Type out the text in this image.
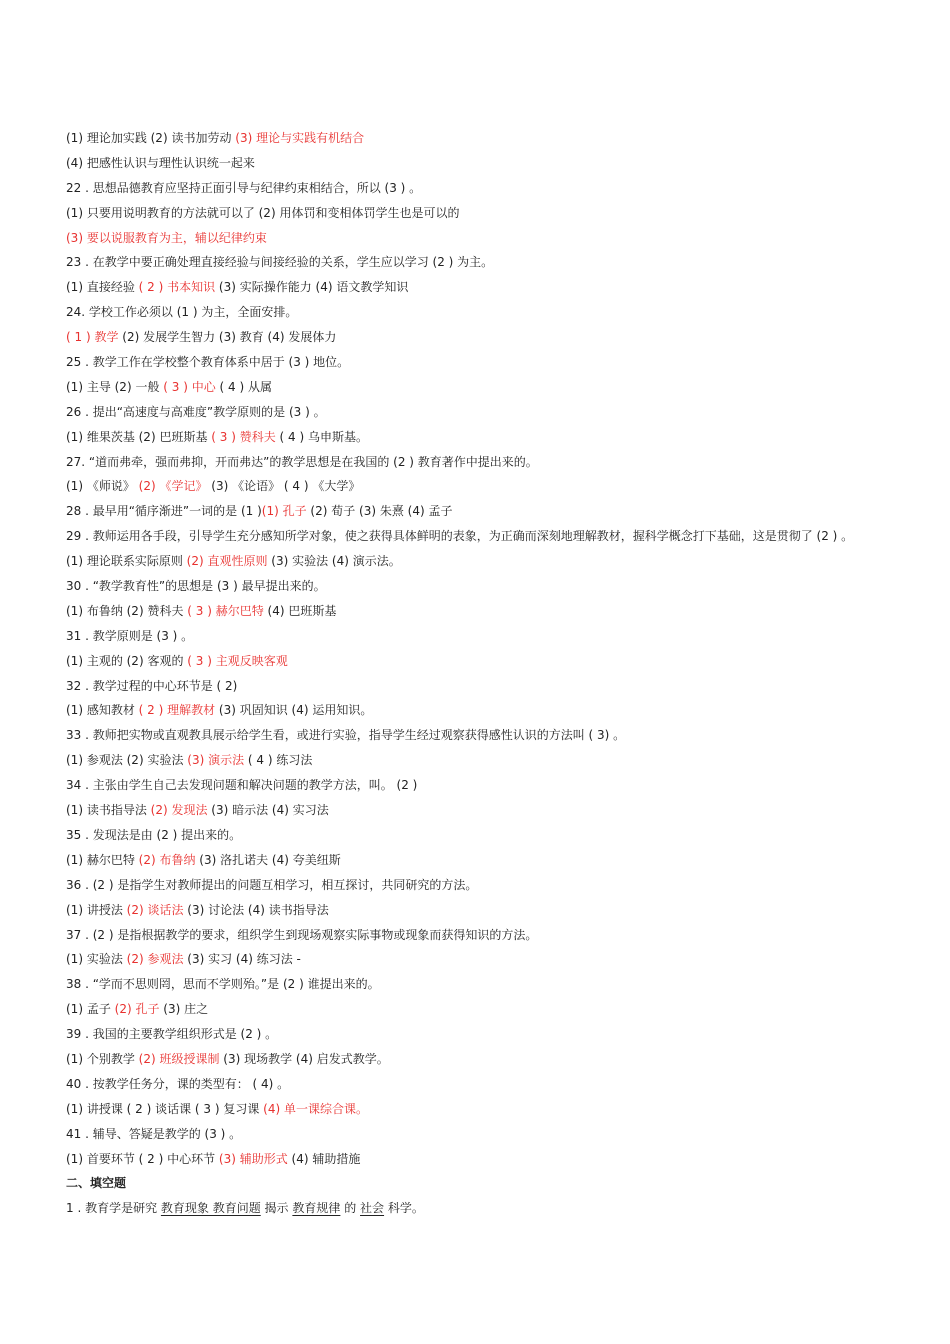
(1) 理论加实践 (2) 读书加劳动 (3) 理论与实践有机结合
(4) 把感性认识与理性认识统一起来
22 . 思想品德教育应坚持正面引导与纪律约束相结合，所以 (3 ) 。
(1) 只要用说明教育的方法就可以了 (2) 用体罚和变相体罚学生也是可以的
(3) 要以说服教育为主，辅以纪律约束
23 . 在教学中要正确处理直接经验与间接经验的关系，学生应以学习 (2 ) 为主。
(1) 直接经验 ( 2 ) 书本知识 (3) 实际操作能力 (4) 语文教学知识
24. 学校工作必须以 (1 ) 为主，全面安排。
( 1 ) 教学 (2) 发展学生智力 (3) 教育 (4) 发展体力
25 . 教学工作在学校整个教育体系中居于 (3 ) 地位。
(1) 主导 (2) 一般 ( 3 ) 中心 ( 4 ) 从属
26 . 提出“高速度与高难度”教学原则的是 (3 ) 。
(1) 维果茨基 (2) 巴班斯基 ( 3 ) 赞科夫 ( 4 ) 乌申斯基。
27. “道而弗牵，强而弗抑，开而弗达”的教学思想是在我国的 (2 ) 教育著作中提出来的。
(1) 《师说》 (2) 《学记》 (3) 《论语》 ( 4 ) 《大学》
28 . 最早用“循序渐进”一词的是 (1 )(1) 孔子 (2) 荀子 (3) 朱熹 (4) 孟子
29 . 教师运用各手段，引导学生充分感知所学对象，使之获得具体鲜明的表象，为正确而深刻地理解教材，握科学概念打下基础，这是贯彻了 (2 ) 。
(1) 理论联系实际原则 (2) 直观性原则 (3) 实验法 (4) 演示法。
30 . “教学教育性”的思想是 (3 ) 最早提出来的。
(1) 布鲁纳 (2) 赞科夫 ( 3 ) 赫尔巴特 (4) 巴班斯基
31 . 教学原则是 (3 ) 。
(1) 主观的 (2) 客观的 ( 3 ) 主观反映客观
32 . 教学过程的中心环节是 ( 2)
(1) 感知教材 ( 2 ) 理解教材 (3) 巩固知识 (4) 运用知识。
33 . 教师把实物或直观教具展示给学生看，或进行实验，指导学生经过观察获得感性认识的方法叫 ( 3) 。
(1) 参观法 (2) 实验法 (3) 演示法 ( 4 ) 练习法
34 . 主张由学生自己去发现问题和解决问题的教学方法，叫。 (2 )
(1) 读书指导法 (2) 发现法 (3) 暗示法 (4) 实习法
35 . 发现法是由 (2 ) 提出来的。
(1) 赫尔巴特 (2) 布鲁纳 (3) 洛扎诺夫 (4) 夸美纽斯
36 . (2 ) 是指学生对教师提出的问题互相学习，相互探讨，共同研究的方法。
(1) 讲授法 (2) 谈话法 (3) 讨论法 (4) 读书指导法
37 . (2 ) 是指根据教学的要求，组织学生到现场观察实际事物或现象而获得知识的方法。
(1) 实验法 (2) 参观法 (3) 实习 (4) 练习法 -
38 . “学而不思则罔，思而不学则殆。”是 (2 ) 谁提出来的。
(1) 孟子 (2) 孔子 (3) 庄之
39 . 我国的主要教学组织形式是 (2 ) 。
(1) 个别教学 (2) 班级授课制 (3) 现场教学 (4) 启发式教学。
40 . 按教学任务分，课的类型有： ( 4) 。
(1) 讲授课 ( 2 ) 谈话课 ( 3 ) 复习课 (4) 单一课综合课。
41 . 辅导、答疑是教学的 (3 ) 。
(1) 首要环节 ( 2 ) 中心环节 (3) 辅助形式 (4) 辅助措施
二、填空题
1 . 教育学是研究 教育现象 教育问题 揭示 教育规律 的 社会 科学。
